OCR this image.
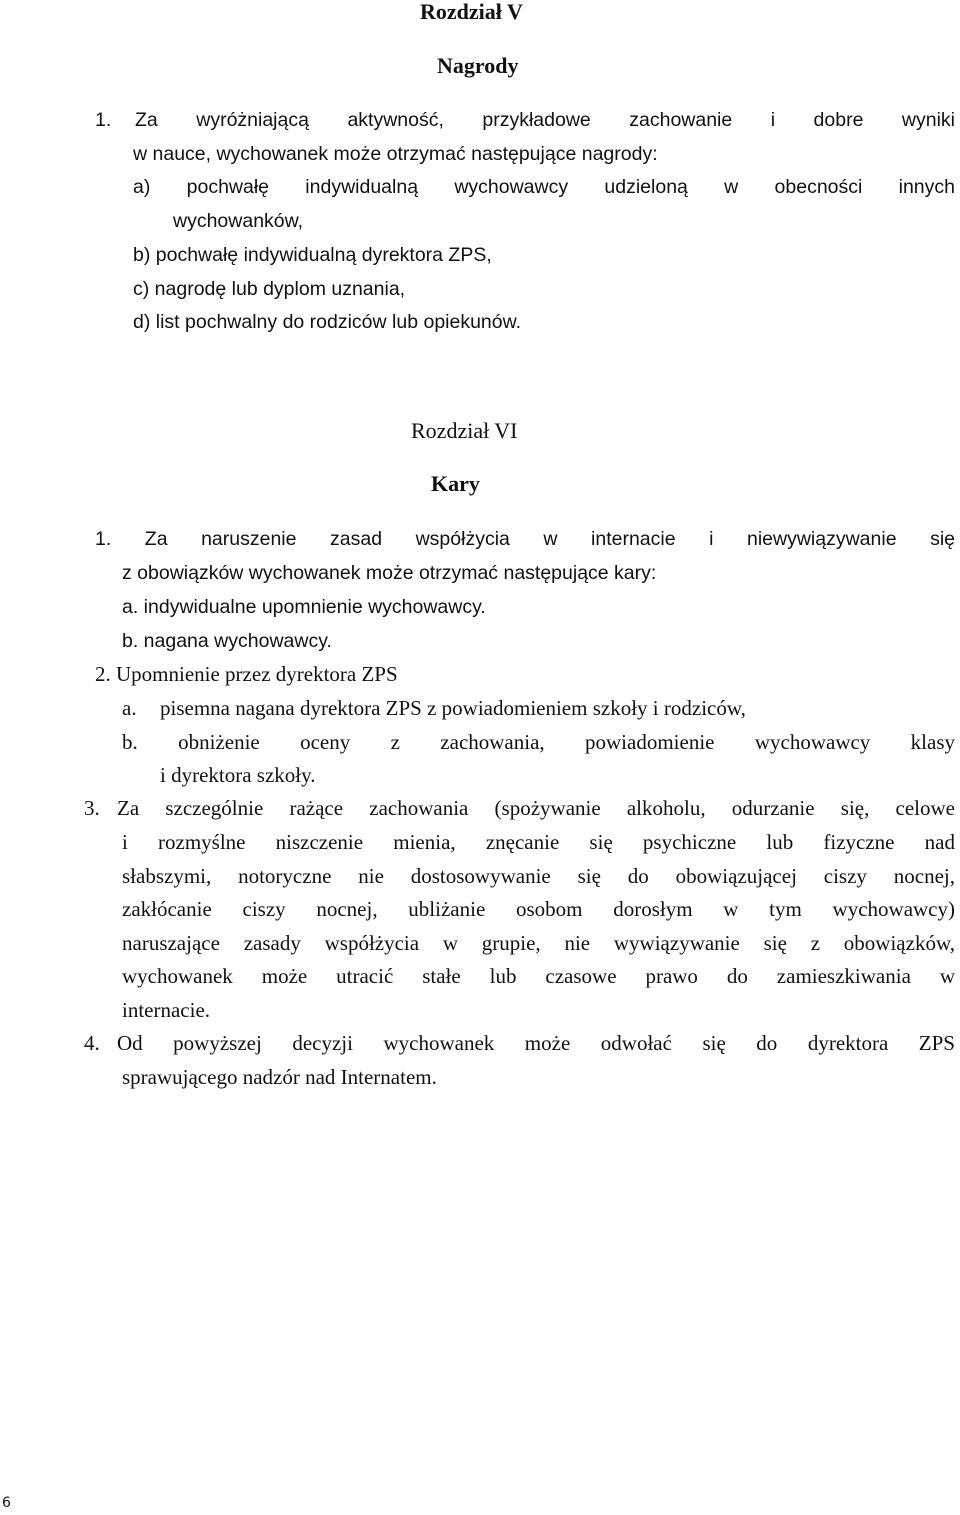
Rozdział V
Nagrody
1. Za wyróżniającą aktywność, przykładowe zachowanie i dobre wyniki
w nauce, wychowanek może otrzymać następujące nagrody:
a) pochwałę indywidualną wychowawcy udzieloną w obecności innych
wychowanków,
b) pochwałę indywidualną dyrektora ZPS,
c) nagrodę lub dyplom uznania,
d) list pochwalny do rodziców lub opiekunów.
Rozdział VI
Kary
1. Za naruszenie zasad współżycia w internacie i niewywiązywanie się
z obowiązków wychowanek może otrzymać następujące kary:
a. indywidualne upomnienie wychowawcy.
b. nagana wychowawcy.
2. Upomnienie przez dyrektora ZPS
a. pisemna nagana dyrektora ZPS z powiadomieniem szkoły i rodziców,
b. obniżenie oceny z zachowania, powiadomienie wychowawcy klasy
i dyrektora szkoły.
3. Za szczególnie rażące zachowania (spożywanie alkoholu, odurzanie się, celowe
i rozmyślne niszczenie mienia, znęcanie się psychiczne lub fizyczne nad
słabszymi, notoryczne nie dostosowywanie się do obowiązującej ciszy nocnej,
zakłócanie ciszy nocnej, ubliżanie osobom dorosłym w tym wychowawcy)
naruszające zasady współżycia w grupie, nie wywiązywanie się z obowiązków,
wychowanek może utracić stałe lub czasowe prawo do zamieszkiwania w
internacie.
4. Od powyższej decyzji wychowanek może odwołać się do dyrektora ZPS
sprawującego nadzór nad Internatem.
6
